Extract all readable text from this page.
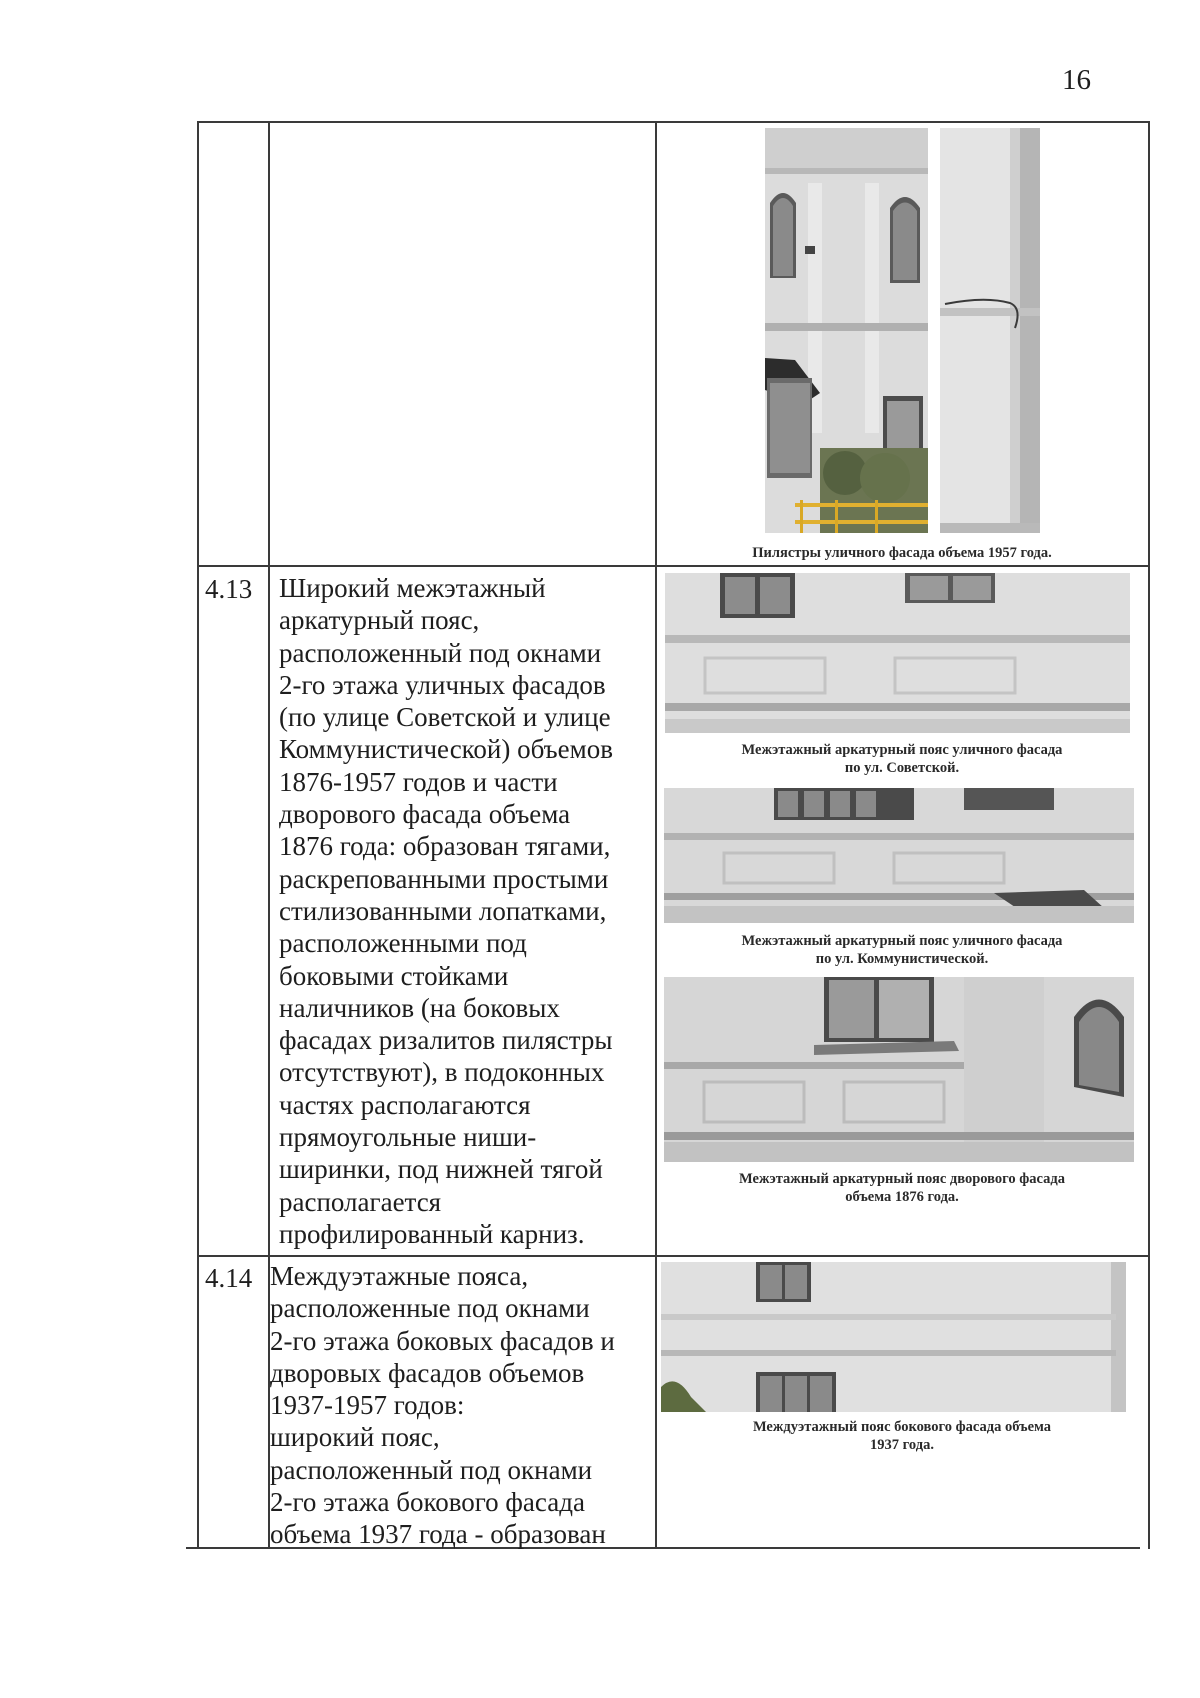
16
Пилястры уличного фасада объема 1957 года.
4.13 Широкий межэтажный
аркатурный пояс,
расположенный под окнами
2-го этажа уличных фасадов
(по улице Советской и улице
Коммунистической) объемов
1876-1957 годов и части
дворового фасада объема
1876 года: образован тягами,
раскрепованными простыми
стилизованными лопатками,
расположенными под
боковыми стойками
наличников (на боковых
фасадах ризалитов пилястры
отсутствуют), в подоконных
частях располагаются
прямоугольные ниши-
ширинки, под нижней тягой
располагается
профилированный карниз.
Межэтажный аркатурный пояс уличного фасада
по ул. Советской.
Межэтажный аркатурный пояс уличного фасада
по ул. Коммунистической.
Межэтажный аркатурный пояс дворового фасада
объема 1876 года.
4.14 Междуэтажные пояса,
расположенные под окнами
2-го этажа боковых фасадов и
дворовых фасадов объемов
1937-1957 годов:
широкий пояс,
расположенный под окнами
2-го этажа бокового фасада
объема 1937 года - образован
Междуэтажный пояс бокового фасада объема
1937 года.
